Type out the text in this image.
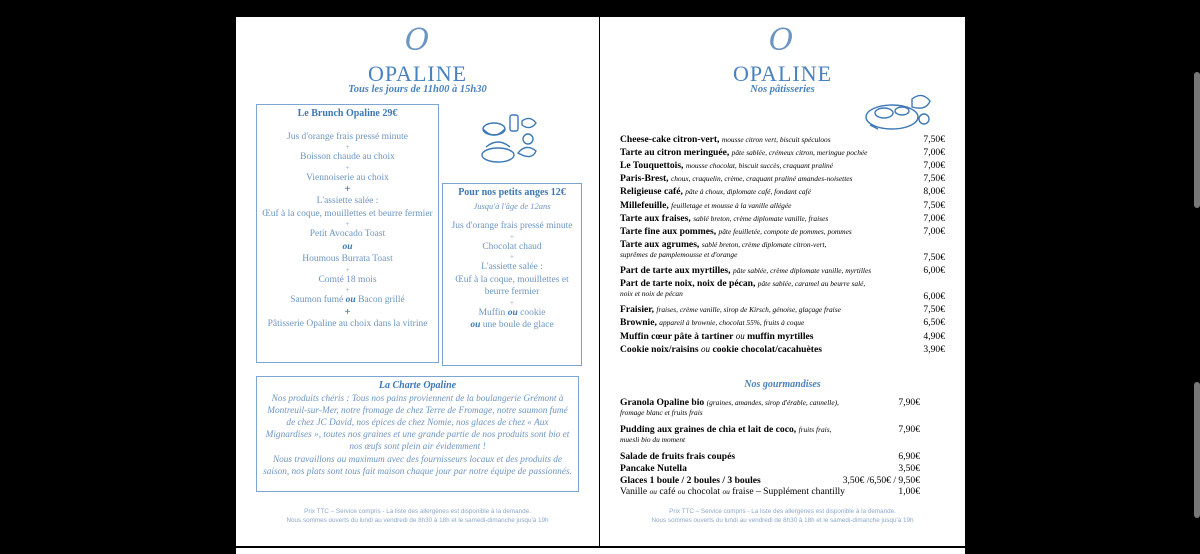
O
OPALINE
Tous les jours de 11h00 à 15h30
Le Brunch Opaline 29€
Jus d'orange frais pressé minute
+
Boisson chaude au choix
+
Viennoiserie au choix
+
L'assiette salée :
Œuf à la coque, mouillettes et beurre fermier
+
Petit Avocado Toast
ou
Houmous Burrata Toast
+
Comté 18 mois
+
Saumon fumé ou Bacon grillé
+
Pâtisserie Opaline au choix dans la vitrine
Pour nos petits anges 12€
Jusqu'à l'âge de 12ans
Jus d'orange frais pressé minute
+
Chocolat chaud
+
L'assiette salée :
Œuf à la coque, mouillettes et beurre fermier
+
Muffin ou cookie
ou une boule de glace
La Charte Opaline
Nos produits chéris : Tous nos pains proviennent de la boulangerie Grémont à Montreuil-sur-Mer, notre fromage de chez Terre de Fromage, notre saumon fumé de chez JC David, nos épices de chez Nomie, nos glaces de chez « Aux Mignardises », toutes nos graines et une grande partie de nos produits sont bio et nos œufs sont plein air évidemment !
Nous travaillons au maximum avec des fournisseurs locaux et des produits de saison, nos plats sont tous fait maison chaque jour par notre équipe de passionnés.
Prix TTC – Service compris - La liste des allergènes est disponible à la demande.
Nous sommes ouverts du lundi au vendredi de 8h30 à 18h et le samedi-dimanche jusqu'à 19h
O
OPALINE
Nos pâtisseries
Cheese-cake citron-vert, mousse citron vert, biscuit spéculoos	7,50€
Tarte au citron meringuée, pâte sablée, crémeux citron, meringue pochée	7,00€
Le Touquettois, mousse chocolat, biscuit succès, craquant praliné	7,00€
Paris-Brest, choux, craquelin, crème, craquant praliné amandes-noisettes	7,50€
Religieuse café, pâte à choux, diplomate café, fondant café	8,00€
Millefeuille, feuilletage et mousse à la vanille allégée	7,50€
Tarte aux fraises, sablé breton, crème diplomate vanille, fraises	7,00€
Tarte fine aux pommes, pâte feuilletée, compote de pommes, pommes	7,00€
Tarte aux agrumes, sablé breton, crème diplomate citron-vert,
suprêmes de pamplemousse et d'orange	7,50€
Part de tarte aux myrtilles, pâte sablée, crème diplomate vanille, myrtilles	6,00€
Part de tarte noix, noix de pécan, pâte sablée, caramel au beurre salé,
noix et noix de pécan	6,00€
Fraisier, fraises, crème vanille, sirop de Kirsch, génoise, glaçage fraise	7,50€
Brownie, appareil à brownie, chocolat 55%, fruits à coque	6,50€
Muffin cœur pâte à tartiner ou muffin myrtilles	4,90€
Cookie noix/raisins ou cookie chocolat/cacahuètes	3,90€
Nos gourmandises
Granola Opaline bio (graines, amandes, sirop d'érable, cannelle),
fromage blanc et fruits frais
7,90€
Pudding aux graines de chia et lait de coco, fruits frais,
muesli bio du moment
7,90€
Salade de fruits frais coupés	6,90€
Pancake Nutella	3,50€
Glaces 1 boule / 2 boules / 3 boules	3,50€ /6,50€ / 9,50€
Vanille ou café ou chocolat ou fraise – Supplément chantilly	1,00€
Prix TTC – Service compris - La liste des allergènes est disponible à la demande.
Nous sommes ouverts du lundi au vendredi de 8h30 à 18h et le samedi-dimanche jusqu'à 19h
